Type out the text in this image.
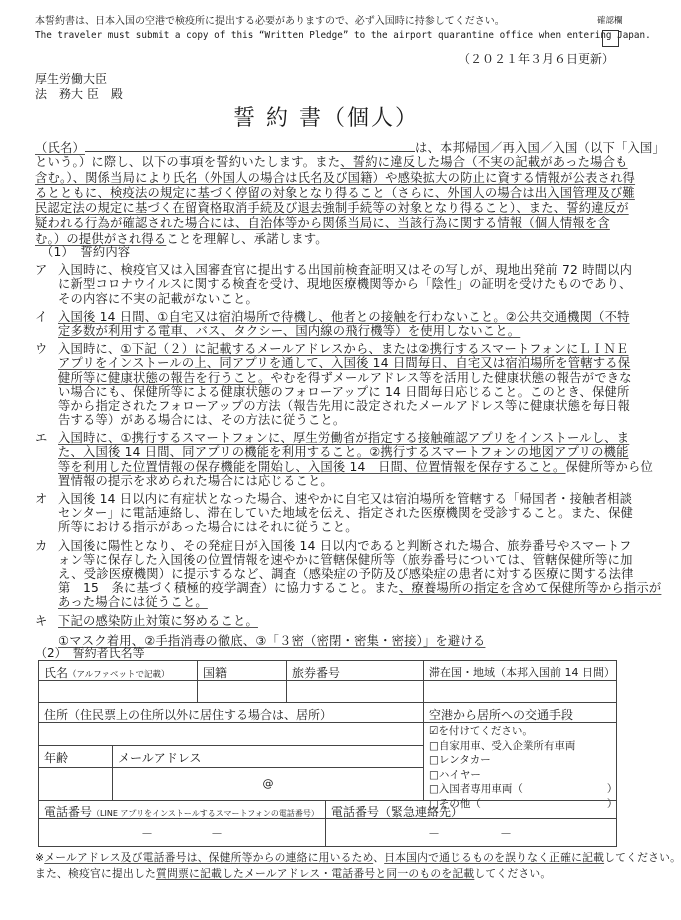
本誓約書は、日本入国の空港で検疫所に提出する必要がありますので、必ず入国時に持参してください。
The traveler must submit a copy of this “Written Pledge” to the airport quarantine office when entering Japan.
確認欄
（２０２１年３月６日更新）
厚生労働大臣
法　務大 臣　殿
誓 約 書（個人）
（氏名）	は、本邦帰国／再入国／入国（以下「入国」
という。）に際し、以下の事項を誓約いたします。また、誓約に違反した場合（不実の記載があった場合も
含む。）、関係当局により氏名（外国人の場合は氏名及び国籍）や感染拡大の防止に資する情報が公表され得
るとともに、検疫法の規定に基づく停留の対象となり得ること（さらに、外国人の場合は出入国管理及び難
民認定法の規定に基づく在留資格取消手続及び退去強制手続等の対象となり得ること）、また、誓約違反が
疑われる行為が確認された場合には、自治体等から関係当局に、当該行為に関する情報（個人情報を含
む。）の提供がされ得ることを理解し、承諾します。
（1）　誓約内容
ア 入国時に、検疫官又は入国審査官に提出する出国前検査証明又はその写しが、現地出発前 72 時間以内
に新型コロナウイルスに関する検査を受け、現地医療機関等から「陰性」の証明を受けたものであり、
その内容に不実の記載がないこと。
イ 入国後 14 日間、①自宅又は宿泊場所で待機し、他者との接触を行わないこと。②公共交通機関（不特
定多数が利用する電車、バス、タクシー、国内線の飛行機等）を使用しないこと。
ウ 入国時に、①下記（２）に記載するメールアドレスから、または②携行するスマートフォンにＬＩＮＥ
アプリをインストールの上、同アプリを通して、入国後 14 日間毎日、自宅又は宿泊場所を管轄する保
健所等に健康状態の報告を行うこと。やむを得ずメールアドレス等を活用した健康状態の報告ができな
い場合にも、保健所等による健康状態のフォローアップに 14 日間毎日応じること。このとき、保健所
等から指定されたフォローアップの方法（報告先用に設定されたメールアドレス等に健康状態を毎日報
告する等）がある場合には、その方法に従うこと。
エ 入国時に、①携行するスマートフォンに、厚生労働省が指定する接触確認アプリをインストールし、ま
た、入国後 14 日間、同アプリの機能を利用すること。②携行するスマートフォンの地図アプリの機能
等を利用した位置情報の保存機能を開始し、入国後 14　日間、位置情報を保存すること。保健所等から位
置情報の提示を求められた場合には応じること。
オ 入国後 14 日以内に有症状となった場合、速やかに自宅又は宿泊場所を管轄する「帰国者・接触者相談
センター」に電話連絡し、滞在していた地域を伝え、指定された医療機関を受診すること。また、保健
所等における指示があった場合にはそれに従うこと。
カ 入国後に陽性となり、その発症日が入国後 14 日以内であると判断された場合、旅券番号やスマートフ
ォン等に保存した入国後の位置情報を速やかに管轄保健所等（旅券番号については、管轄保健所等に加
え、受診医療機関）に提示するなど、調査（感染症の予防及び感染症の患者に対する医療に関する法律
第　15　条に基づく積極的疫学調査）に協力すること。また、療養場所の指定を含めて保健所等から指示が
あった場合には従うこと。
キ 下記の感染防止対策に努めること。
①マスク着用、②手指消毒の徹底、③「３密（密閉・密集・密接）」を避ける
（2）　誓約者氏名等
氏名（アルファベットで記載）	国籍	旅券番号	滞在国・地域（本邦入国前 14 日間）
住所（住民票上の住所以外に居住する場合は、居所）	空港から居所への交通手段
☑を付けてください。
□自家用車、受入企業所有車両
□レンタカー
□ハイヤー
□入国者専用車両（　　　　　　　　）
□その他（　　　　　　　　　　　　）
年齢	メールアドレス
@
電話番号（LINE アプリをインストールするスマートフォンの電話番号）	電話番号（緊急連絡先）
－	－	－	－
※メールアドレス及び電話番号は、保健所等からの連絡に用いるため、日本国内で通じるものを誤りなく正確に記載してください。
また、検疫官に提出した質問票に記載したメールアドレス・電話番号と同一のものを記載してください。
